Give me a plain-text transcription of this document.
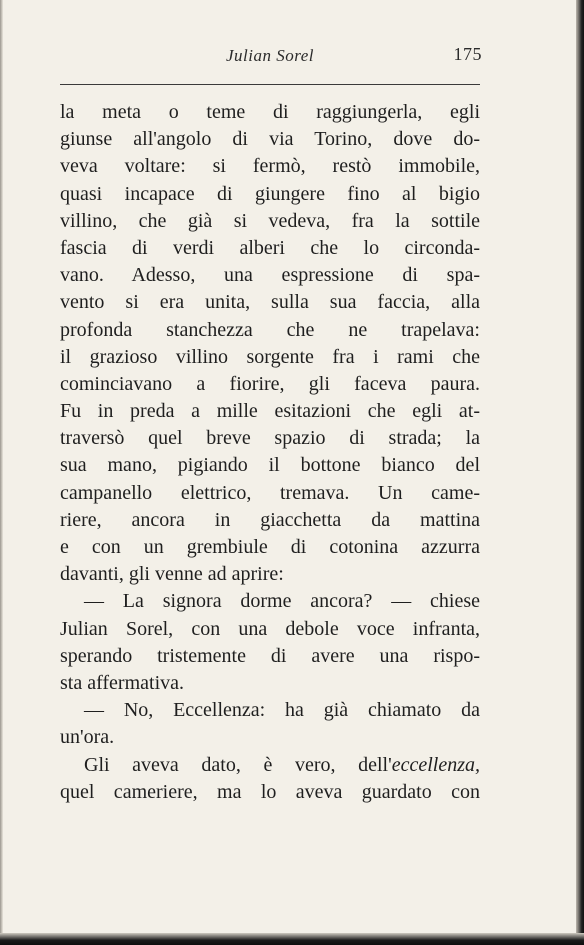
Julian Sorel	175
la meta o teme di raggiungerla, egli
giunse all'angolo di via Torino, dove do-
veva voltare: si fermò, restò immobile,
quasi incapace di giungere fino al bigio
villino, che già si vedeva, fra la sottile
fascia di verdi alberi che lo circonda-
vano. Adesso, una espressione di spa-
vento si era unita, sulla sua faccia, alla
profonda stanchezza che ne trapelava:
il grazioso villino sorgente fra i rami che
cominciavano a fiorire, gli faceva paura.
Fu in preda a mille esitazioni che egli at-
traversò quel breve spazio di strada; la
sua mano, pigiando il bottone bianco del
campanello elettrico, tremava. Un came-
riere, ancora in giacchetta da mattina
e con un grembiule di cotonina azzurra
davanti, gli venne ad aprire:
— La signora dorme ancora? — chiese
Julian Sorel, con una debole voce infranta,
sperando tristemente di avere una rispo-
sta affermativa.
— No, Eccellenza: ha già chiamato da
un'ora.
Gli aveva dato, è vero, dell'eccellenza,
quel cameriere, ma lo aveva guardato con
